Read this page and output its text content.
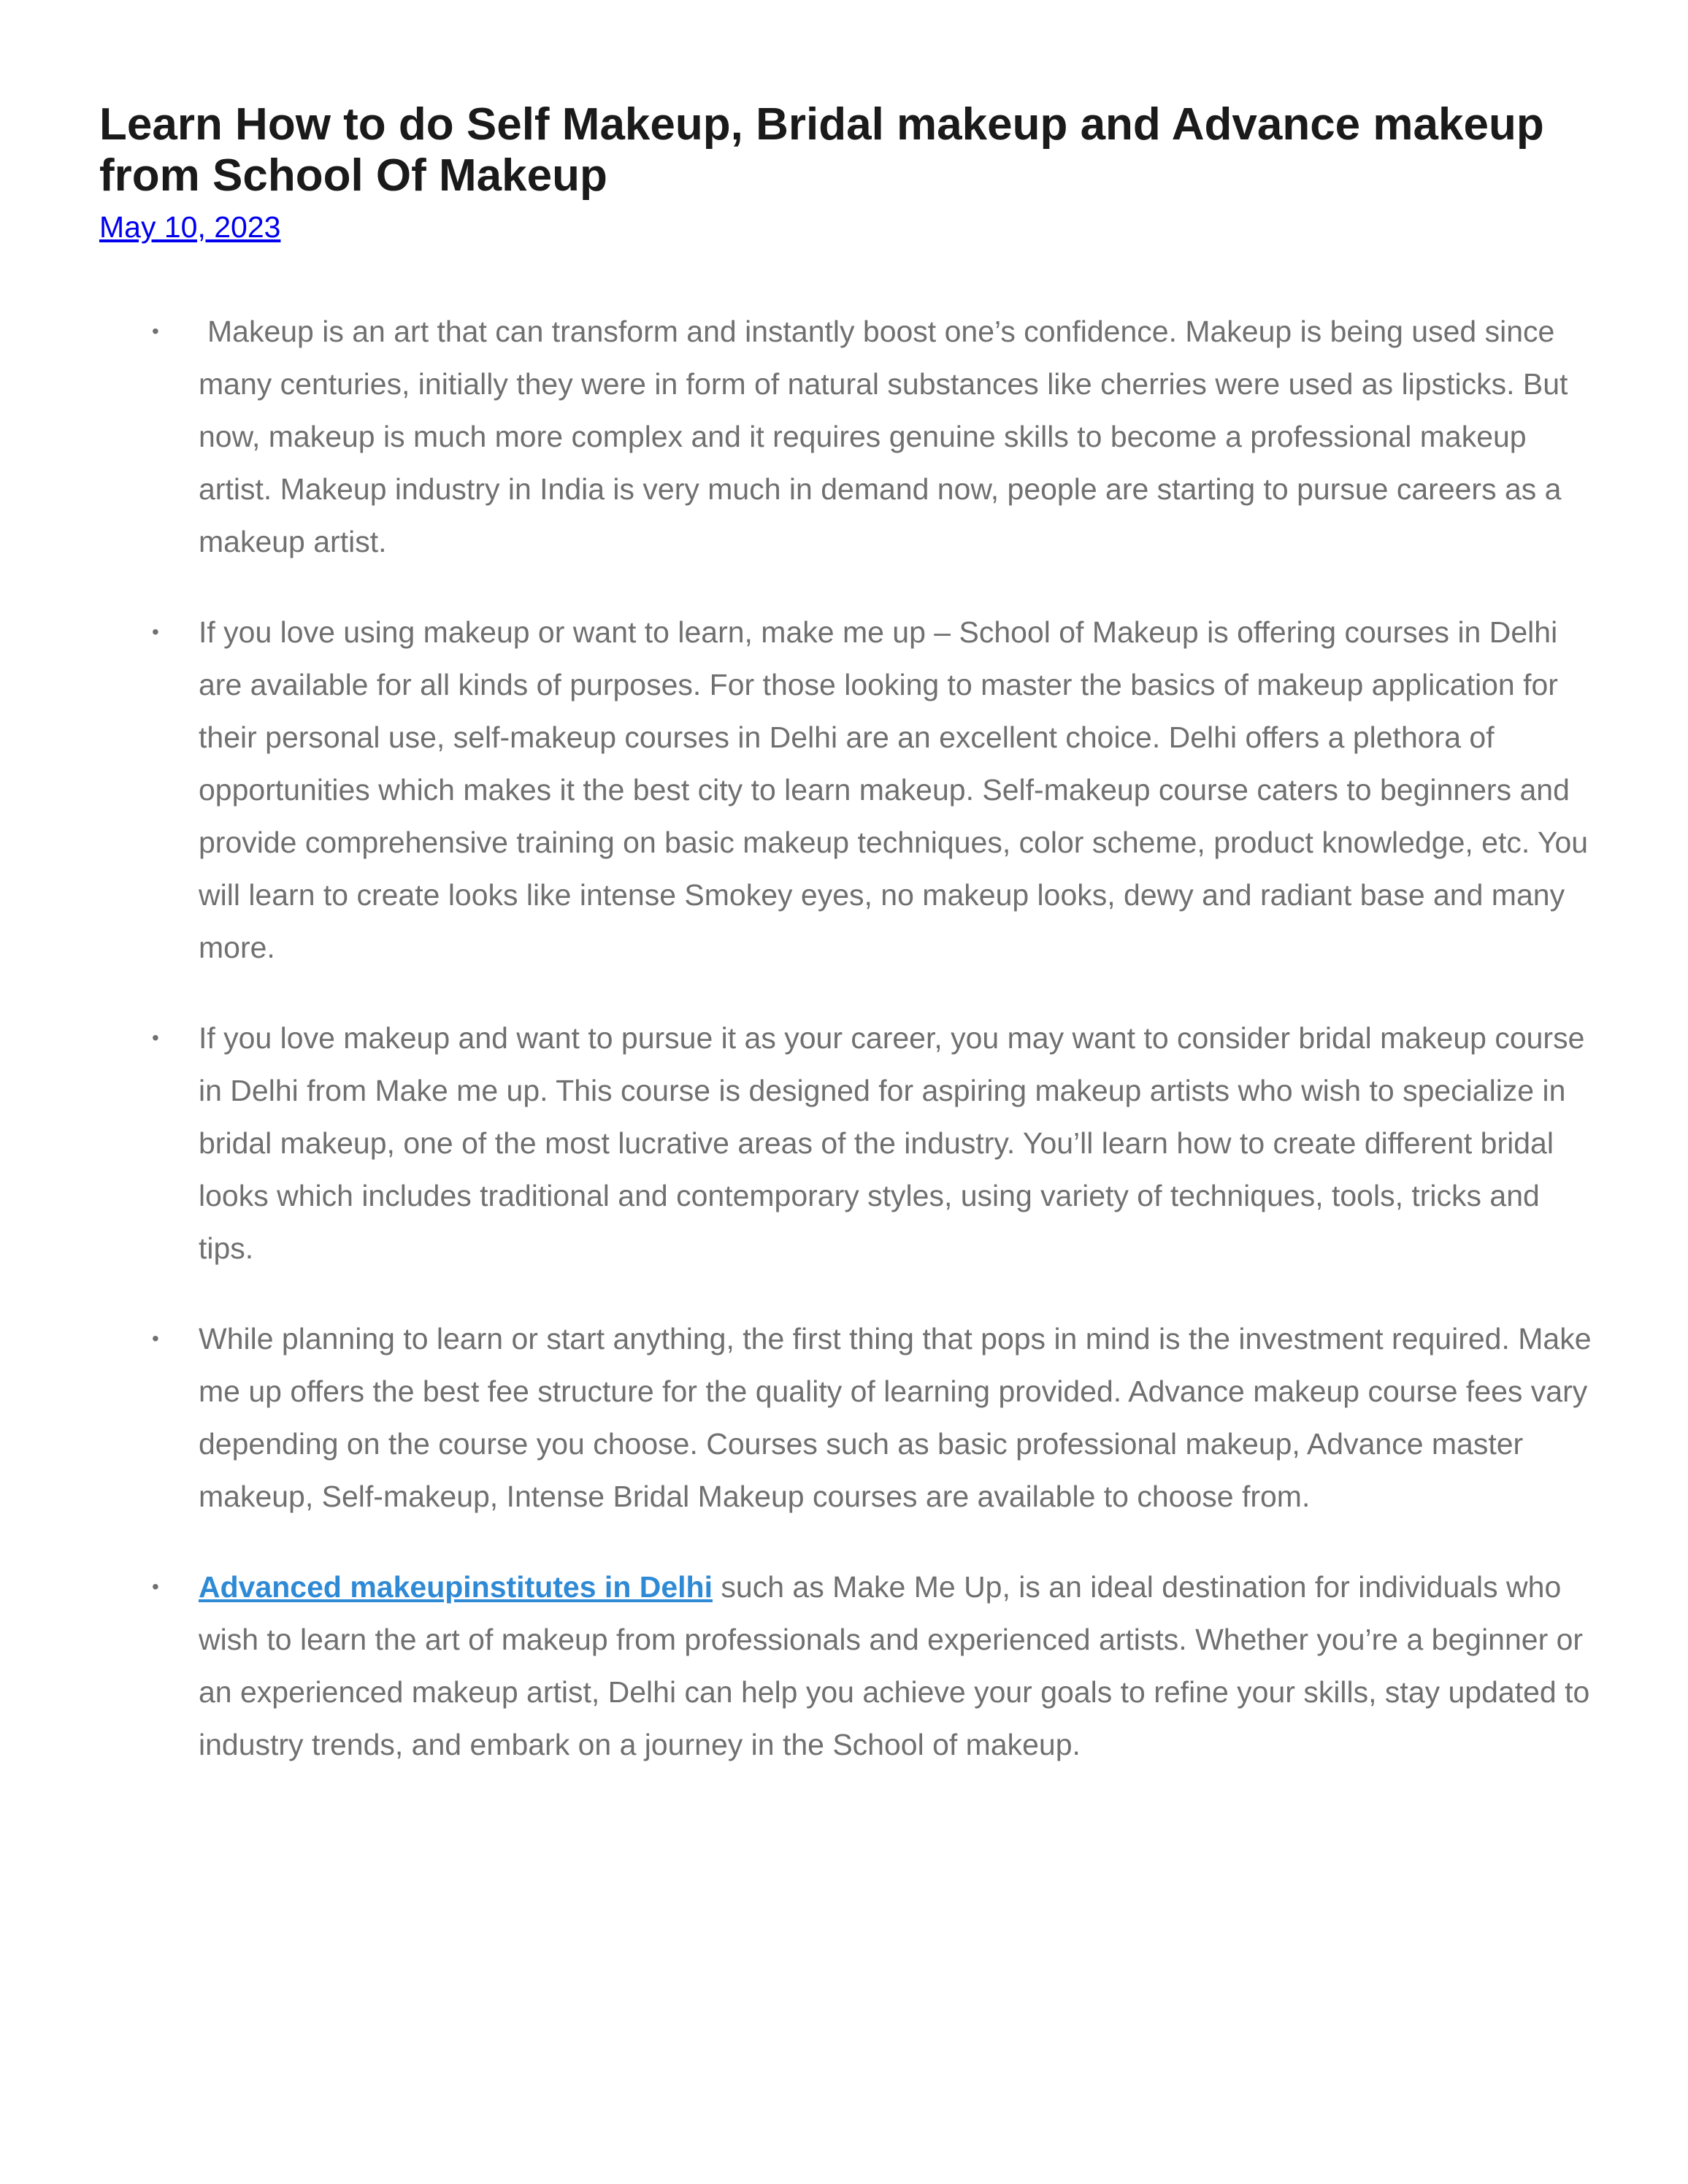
Learn How to do Self Makeup, Bridal makeup and Advance makeup from School Of Makeup
May 10, 2023
• Makeup is an art that can transform and instantly boost one’s confidence. Makeup is being used since many centuries, initially they were in form of natural substances like cherries were used as lipsticks. But now, makeup is much more complex and it requires genuine skills to become a professional makeup artist. Makeup industry in India is very much in demand now, people are starting to pursue careers as a makeup artist.
• If you love using makeup or want to learn, make me up – School of Makeup is offering courses in Delhi are available for all kinds of purposes. For those looking to master the basics of makeup application for their personal use, self-makeup courses in Delhi are an excellent choice. Delhi offers a plethora of opportunities which makes it the best city to learn makeup. Self-makeup course caters to beginners and provide comprehensive training on basic makeup techniques, color scheme, product knowledge, etc. You will learn to create looks like intense Smokey eyes, no makeup looks, dewy and radiant base and many more.
• If you love makeup and want to pursue it as your career, you may want to consider bridal makeup course in Delhi from Make me up. This course is designed for aspiring makeup artists who wish to specialize in bridal makeup, one of the most lucrative areas of the industry. You’ll learn how to create different bridal looks which includes traditional and contemporary styles, using variety of techniques, tools, tricks and tips.
• While planning to learn or start anything, the first thing that pops in mind is the investment required. Make me up offers the best fee structure for the quality of learning provided. Advance makeup course fees vary depending on the course you choose. Courses such as basic professional makeup, Advance master makeup, Self-makeup, Intense Bridal Makeup courses are available to choose from.
• Advanced makeupinstitutes in Delhi such as Make Me Up, is an ideal destination for individuals who wish to learn the art of makeup from professionals and experienced artists. Whether you’re a beginner or an experienced makeup artist, Delhi can help you achieve your goals to refine your skills, stay updated to industry trends, and embark on a journey in the School of makeup.
